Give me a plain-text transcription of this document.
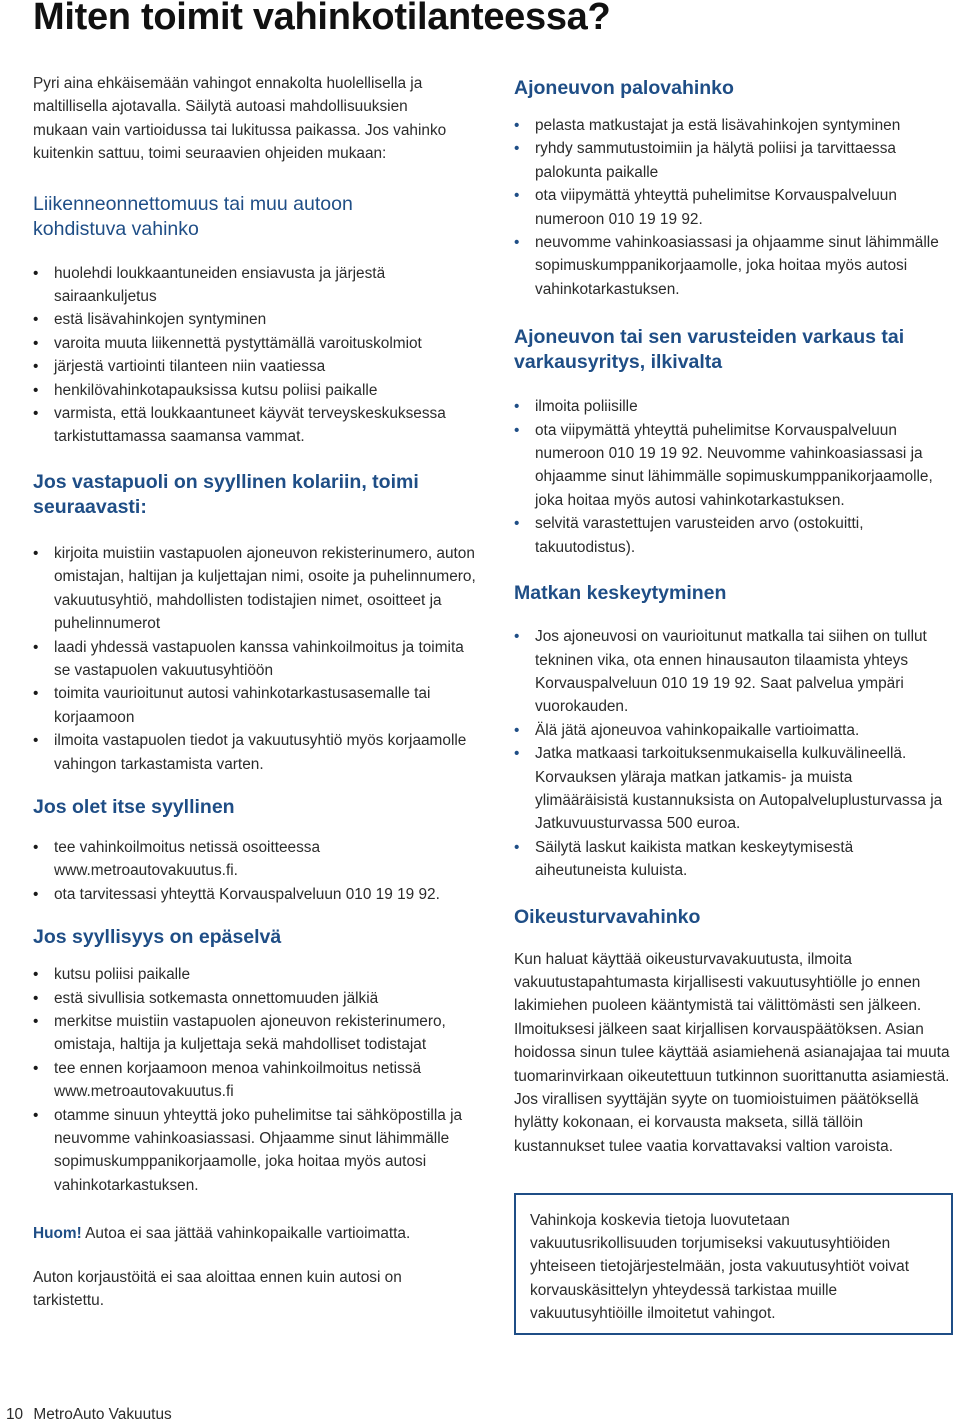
Miten toimit vahinkotilanteessa?

Pyri aina ehkäisemään vahingot ennakolta huolellisella ja maltillisella ajotavalla. Säilytä autoasi mahdollisuuksien mukaan vain vartioidussa tai lukitussa paikassa. Jos vahinko kuitenkin sattuu, toimi seuraavien ohjeiden mukaan:

Liikenneonnettomuus tai muu autoon kohdistuva vahinko
• huolehdi loukkaantuneiden ensiavusta ja järjestä sairaankuljetus
• estä lisävahinkojen syntyminen
• varoita muuta liikennettä pystyttämällä varoituskolmiot
• järjestä vartiointi tilanteen niin vaatiessa
• henkilövahinkotapauksissa kutsu poliisi paikalle
• varmista, että loukkaantuneet käyvät terveyskeskuksessa tarkistuttamassa saamansa vammat.
Jos vastapuoli on syyllinen kolariin, toimi seuraavasti:
• kirjoita muistiin vastapuolen ajoneuvon rekisterinumero, auton omistajan, haltijan ja kuljettajan nimi, osoite ja puhelinnumero, vakuutusyhtiö, mahdollisten todistajien nimet, osoitteet ja puhelinnumerot
• laadi yhdessä vastapuolen kanssa vahinkoilmoitus ja toimita se vastapuolen vakuutusyhtiöön
• toimita vaurioitunut autosi vahinkotarkastusasemalle tai korjaamoon
• ilmoita vastapuolen tiedot ja vakuutusyhtiö myös korjaamolle vahingon tarkastamista varten.
Jos olet itse syyllinen
• tee vahinkoilmoitus netissä osoitteessa www.metroautovakuutus.fi.
• ota tarvitessasi yhteyttä Korvauspalveluun 010 19 19 92.
Jos syyllisyys on epäselvä
• kutsu poliisi paikalle
• estä sivullisia sotkemasta onnettomuuden jälkiä
• merkitse muistiin vastapuolen ajoneuvon rekisterinumero, omistaja, haltija ja kuljettaja sekä mahdolliset todistajat
• tee ennen korjaamoon menoa vahinkoilmoitus netissä www.metroautovakuutus.fi
• otamme sinuun yhteyttä joko puhelimitse tai sähköpostilla ja neuvomme vahinkoasiassasi. Ohjaamme sinut lähimmälle sopimuskumppanikorjaamolle, joka hoitaa myös autosi vahinkotarkastuksen.

Huom! Autoa ei saa jättää vahinkopaikalle vartioimatta.

Auton korjaustöitä ei saa aloittaa ennen kuin autosi on tarkistettu.

Ajoneuvon palovahinko
• pelasta matkustajat ja estä lisävahinkojen syntyminen
• ryhdy sammutustoimiin ja hälytä poliisi ja tarvittaessa palokunta paikalle
• ota viipymättä yhteyttä puhelimitse Korvauspalveluun numeroon 010 19 19 92.
• neuvomme vahinkoasiassasi ja ohjaamme sinut lähimmälle sopimuskumppanikorjaamolle, joka hoitaa myös autosi vahinkotarkastuksen.
Ajoneuvon tai sen varusteiden varkaus tai varkausyritys, ilkivalta
• ilmoita poliisille
• ota viipymättä yhteyttä puhelimitse Korvauspalveluun numeroon 010 19 19 92. Neuvomme vahinkoasiassasi ja ohjaamme sinut lähimmälle sopimuskumppanikorjaamolle, joka hoitaa myös autosi vahinkotarkastuksen.
• selvitä varastettujen varusteiden arvo (ostokuitti, takuutodistus).
Matkan keskeytyminen
• Jos ajoneuvosi on vaurioitunut matkalla tai siihen on tullut tekninen vika, ota ennen hinausauton tilaamista yhteys Korvauspalveluun 010 19 19 92. Saat palvelua ympäri vuorokauden.
• Älä jätä ajoneuvoa vahinkopaikalle vartioimatta.
• Jatka matkaasi tarkoituksenmukaisella kulkuvälineellä. Korvauksen yläraja matkan jatkamis- ja muista ylimääräisistä kustannuksista on Autopalveluplusturvassa ja Jatkuvuusturvassa 500 euroa.
• Säilytä laskut kaikista matkan keskeytymisestä aiheutuneista kuluista.
Oikeusturvavahinko

Kun haluat käyttää oikeusturvavakuutusta, ilmoita vakuutustapahtumasta kirjallisesti vakuutusyhtiölle jo ennen lakimiehen puoleen kääntymistä tai välittömästi sen jälkeen. Ilmoituksesi jälkeen saat kirjallisen korvauspäätöksen. Asian hoidossa sinun tulee käyttää asiamiehenä asianajajaa tai muuta tuomarinvirkaan oikeutettuun tutkinnon suorittanutta asiamiestä. Jos virallisen syyttäjän syyte on tuomioistuimen päätöksellä hylätty kokonaan, ei korvausta makseta, sillä tällöin kustannukset tulee vaatia korvattavaksi valtion varoista.

Vahinkoja koskevia tietoja luovutetaan vakuutusrikollisuuden torjumiseksi vakuutusyhtiöiden yhteiseen tietojärjestelmään, josta vakuutusyhtiöt voivat korvauskäsittelyn yhteydessä tarkistaa muille vakuutusyhtiöille ilmoitetut vahingot.

10 MetroAuto Vakuutus
